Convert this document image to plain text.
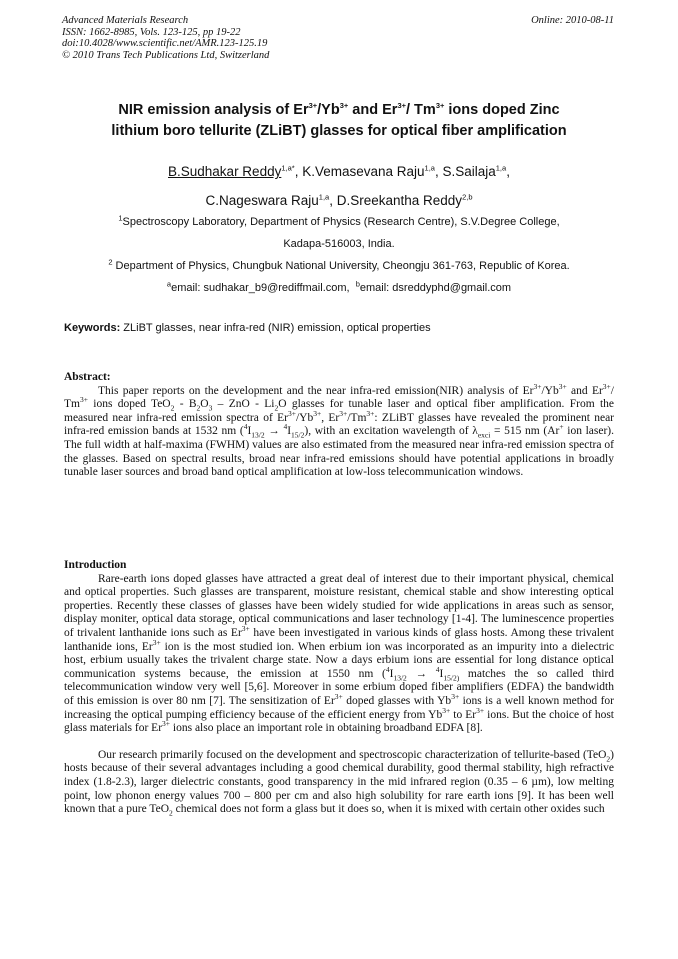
Advanced Materials Research
ISSN: 1662-8985, Vols. 123-125, pp 19-22
doi:10.4028/www.scientific.net/AMR.123-125.19
© 2010 Trans Tech Publications Ltd, Switzerland
Online: 2010-08-11
NIR emission analysis of $Er^{3+}/Yb^{3+}$ and $Er^{3+}/$ $Tm^{3+}$ ions doped Zinc
lithium boro tellurite (ZLiBT) glasses for optical fiber amplification
B.Sudhakar Reddy$^{1,a*}$, K.Vemasevana Raju$^{1,a}$, S.Sailaja$^{1,a}$,
C.Nageswara Raju$^{1,a}$, D.Sreekantha Reddy$^{2,b}$
$^1$Spectroscopy Laboratory, Department of Physics (Research Centre), S.V.Degree College,
Kadapa-516003, India.
$^2$ Department of Physics, Chungbuk National University, Cheongju 361-763, Republic of Korea.
$^a$email: sudhakar_b9@rediffmail.com, $^b$email: dsreddyphd@gmail.com
Keywords: ZLiBT glasses, near infra-red (NIR) emission, optical properties
Abstract:

This paper reports on the development and the near infra-red emission(NIR) analysis of $Er^{3+}/Yb^{3+}$ and $Er^{3+}/$ $Tm^{3+}$ ions doped $TeO_2 - B_2O_3$ – ZnO - $Li_2O$ glasses for tunable laser and optical fiber amplification. From the measured near infra-red emission spectra of $Er^{3+}/Yb^{3+}$, $Er^{3+}/Tm^{3+}$: ZLiBT glasses have revealed the prominent near infra-red emission bands at 1532 nm $(^4I_{13/2} \to ^4I_{15/2})$, with an excitation wavelength of $\lambda_{exci} = 515$ nm (Ar+ ion laser). The full width at half-maxima (FWHM) values are also estimated from the measured near infra-red emission spectra of the glasses. Based on spectral results, broad near infra-red emissions should have potential applications in broadly tunable laser sources and broad band optical amplification at low-loss telecommunication windows.

Introduction

Rare-earth ions doped glasses have attracted a great deal of interest due to their important physical, chemical and optical properties. Such glasses are transparent, moisture resistant, chemical stable and show interesting optical properties. Recently these classes of glasses have been widely studied for wide applications in areas such as sensor, display moniter, optical data storage, optical communications and laser technology [1-4]. The luminescence properties of trivalent lanthanide ions such as $Er^{3+}$ have been investigated in various kinds of glass hosts. Among these trivalent lanthanide ions, $Er^{3+}$ ion is the most studied ion. When erbium ion was incorporated as an impurity into a dielectric host, erbium usually takes the trivalent charge state. Now a days erbium ions are essential for long distance optical communication systems because, the emission at 1550 nm ($^4I_{13/2} \to ^4I_{15/2)}$ matches the so called third telecommunication window very well [5,6]. Moreover in some erbium doped fiber amplifiers (EDFA) the bandwidth of this emission is over 80 nm [7]. The sensitization of $Er^{3+}$ doped glasses with $Yb^{3+}$ ions is a well known method for increasing the optical pumping efficiency because of the efficient energy from $Yb^{3+}$ to $Er^{3+}$ ions. But the choice of host glass materials for $Er^{3+}$ ions also place an important role in obtaining broadband EDFA [8].

Our research primarily focused on the development and spectroscopic characterization of tellurite-based (TeO$_2$) hosts because of their several advantages including a good chemical durability, good thermal stability, high refractive index (1.8-2.3), larger dielectric constants, good transparency in the mid infrared region (0.35 – 6 µm), low melting point, low phonon energy values 700 – 800 per cm and also high solubility for rare earth ions [9]. It has been well known that a pure TeO$_2$ chemical does not form a glass but it does so, when it is mixed with certain other oxides such
